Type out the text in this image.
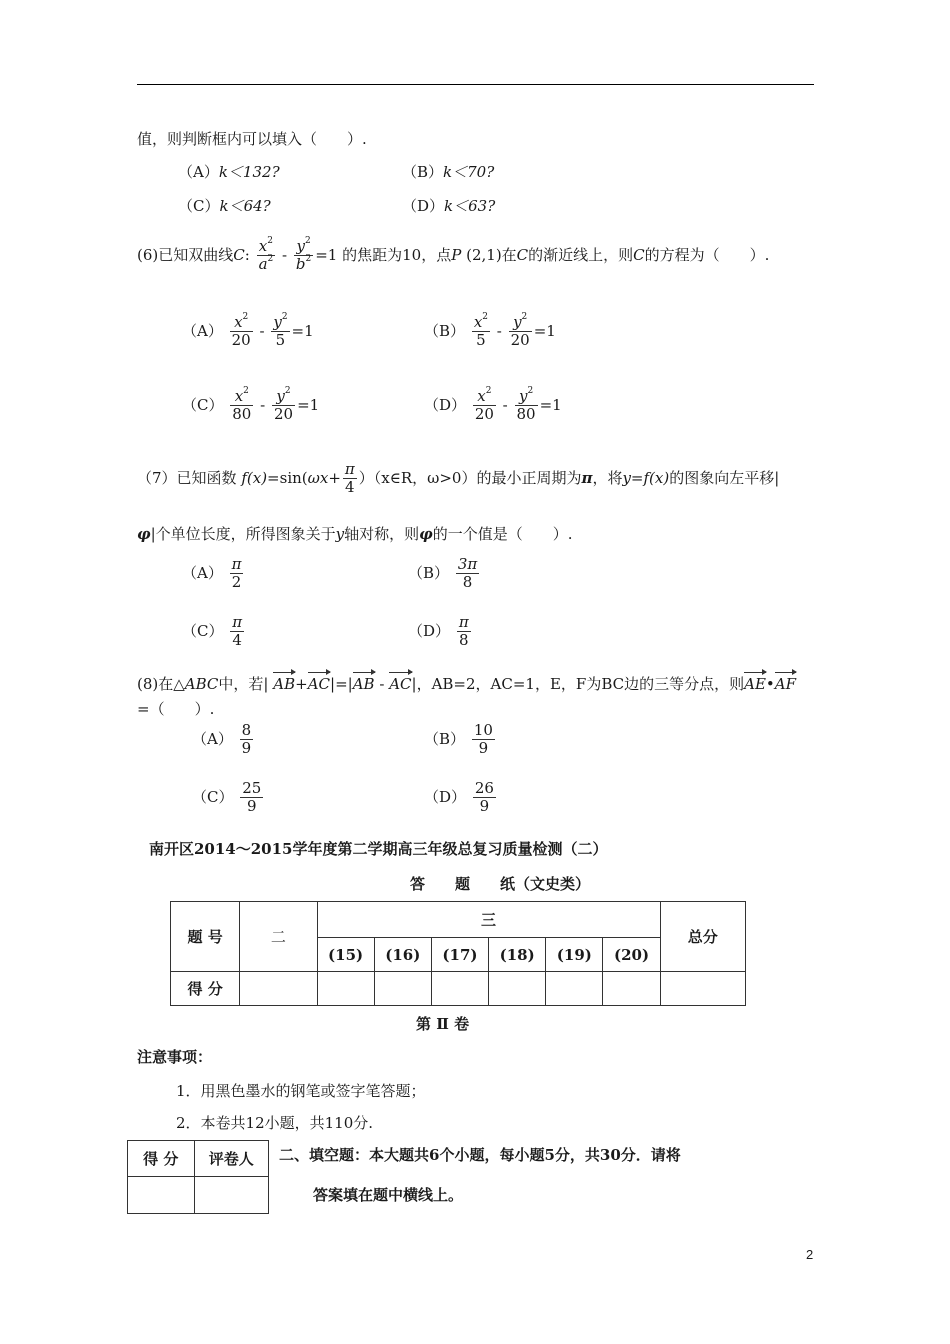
值，则判断框内可以填入（　　）.
（A）k＜132?	（B）k＜70?
（C）k＜64?	（D）k＜63?
(6)已知双曲线C: $\frac{x^2}{a^2} - \frac{y^2}{b^2} =1$ 的焦距为10，点P (2,1)在C的渐近线上，则C的方程为（　　）.
$(A) \frac{x^2}{20} - \frac{y^2}{5} =1$	$(B) \frac{x^2}{5} - \frac{y^2}{20} =1$
$(C) \frac{x^2}{80} - \frac{y^2}{20} =1$	$(D) \frac{x^2}{20} - \frac{y^2}{80} =1$
（7）已知函数 $f(x)=\sin(\omega x+ \frac{\pi}{4}$ ）（x∈R，ω>0）的最小正周期为π，将y=f(x)的图象向左平移|
φ|个单位长度，所得图象关于y轴对称，则φ的一个值是（　　）.
$(A) \frac{\pi}{2}$	$(B) \frac{3\pi}{8}$
$(C) \frac{\pi}{4}$	$(D) \frac{\pi}{8}$
(8)在△ABC中，若| AB+AC|=|AB - AC|，AB=2，AC=1，E，F为BC边的三等分点，则AE•AF
=（　　）.
$(A) \frac{8}{9}$	$(B) \frac{10}{9}$
$(C) \frac{25}{9}$	$(D) \frac{26}{9}$
南开区2014～2015学年度第二学期高三年级总复习质量检测（二）
答　　题　　纸（文史类）
题 号	二	三						总分
		(15)	(16)	(17)	(18)	(19)	(20)	
得 分								
第 Ⅱ 卷
注意事项：
1．用黑色墨水的钢笔或签字笔答题；
2．本卷共12小题，共110分.
得 分	评卷人
	二、填空题：本大题共6个小题，每小题5分，共30分．请将
答案填在题中横线上。
2
